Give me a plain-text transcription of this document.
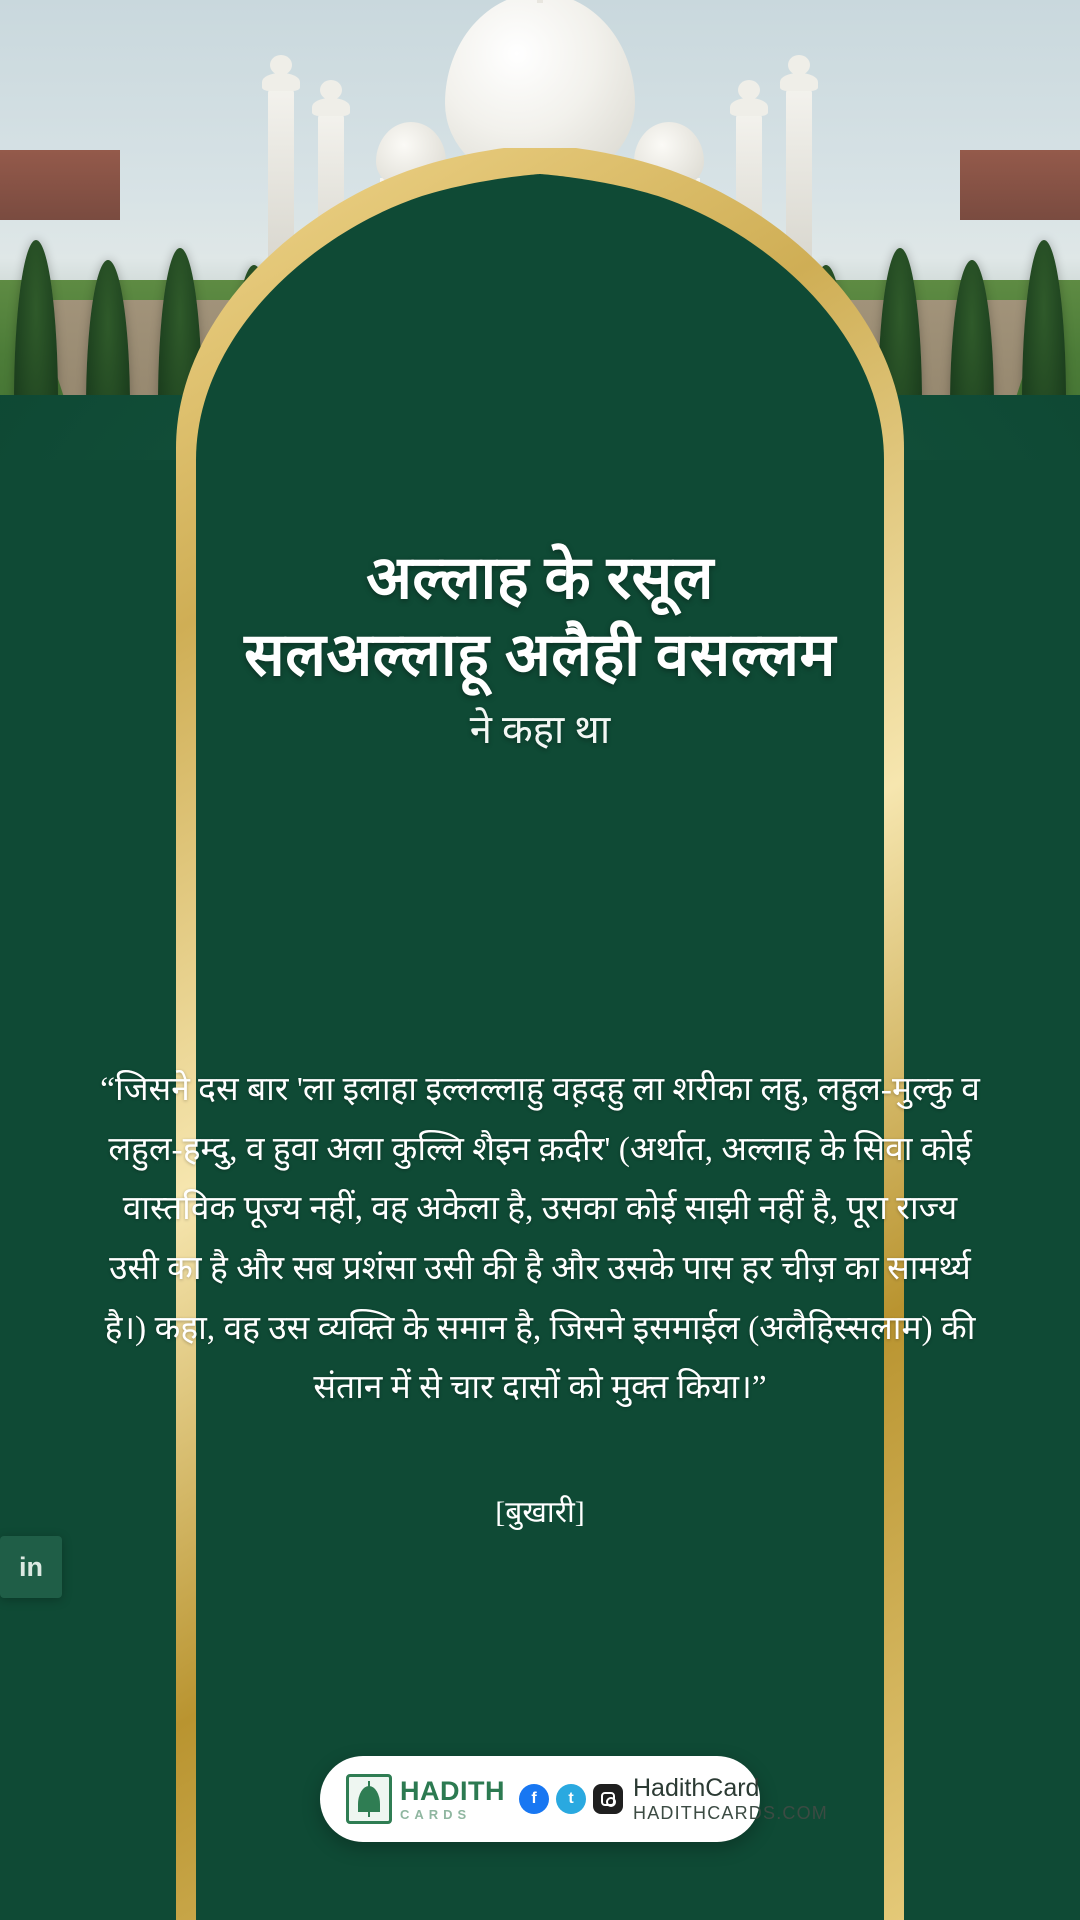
अल्लाह के रसूल
सलअल्लाहू अलैही वसल्लम
ने कहा था
“जिसने दस बार 'ला इलाहा इल्लल्लाहु वह़दहु ला शरीका लहु, लहुल-मुल्कु व लहुल-हम्दु, व हुवा अला कुल्लि शैइन क़दीर' (अर्थात, अल्लाह के सिवा कोई वास्तविक पूज्य नहीं, वह अकेला है, उसका कोई साझी नहीं है, पूरा राज्य उसी का है और सब प्रशंसा उसी की है और उसके पास हर चीज़ का सामर्थ्य है।) कहा, वह उस व्यक्ति के समान है, जिसने इसमाईल (अलैहिस्सलाम) की संतान में से चार दासों को मुक्त किया।”
[बुखारी]
in
HADITH
CARDS
f t HadithCard
HADITHCARDS.COM
